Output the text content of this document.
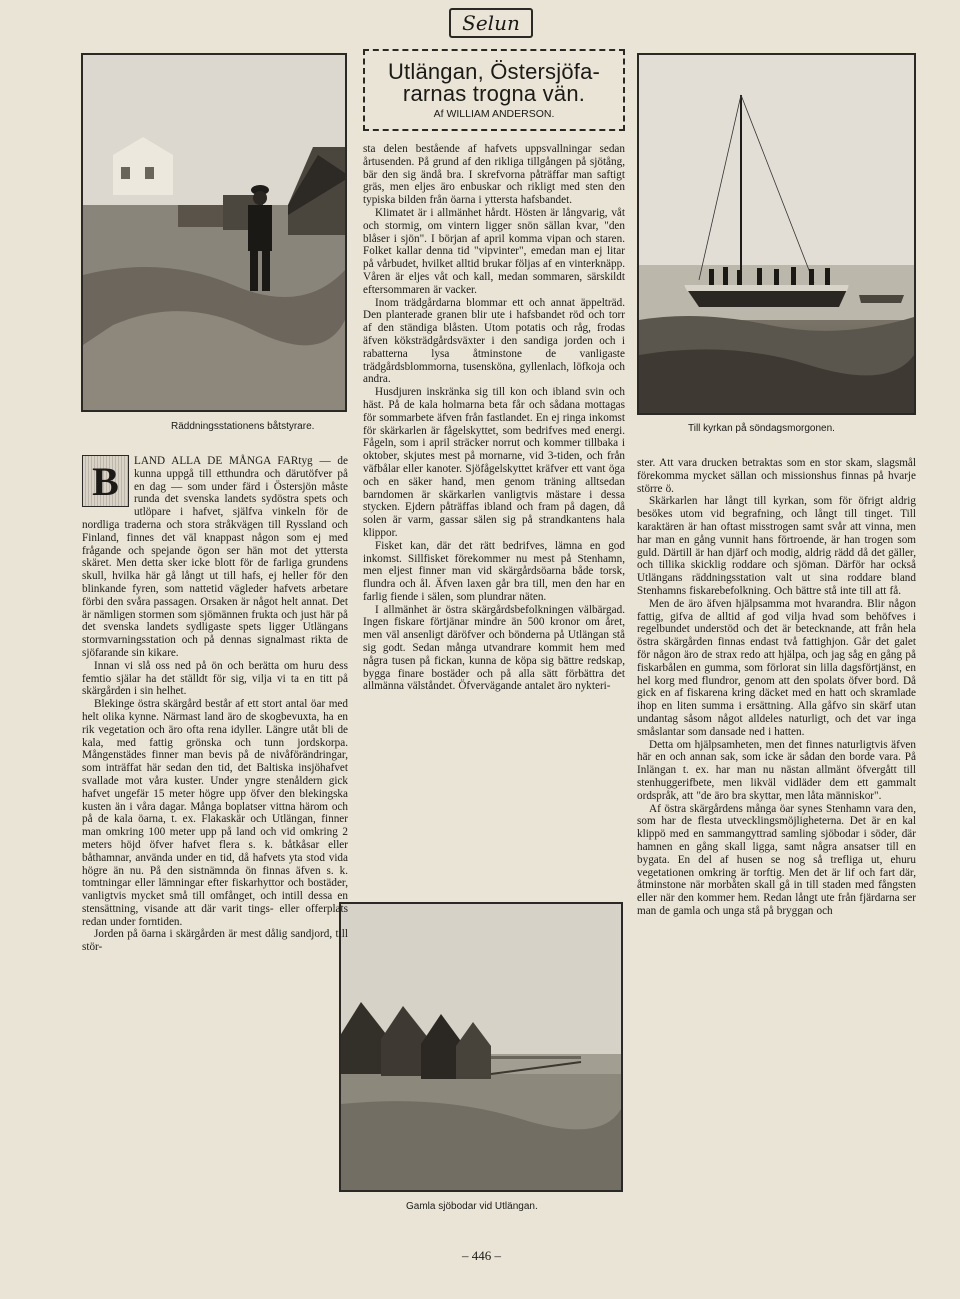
Selun
Utlängan, Östersjöfa-
rarnas trogna vän.
Af WILLIAM ANDERSON.
Räddningsstationens båtstyrare.	Till kyrkan på söndagsmorgonen.
Gamla sjöbodar vid Utlängan.
B	LAND ALLA DE MÅNGA FARtyg — de kunna uppgå till etthundra och därutöfver på en dag — som under färd i Östersjön måste runda det svenska landets sydöstra spets och utlöpare i hafvet, själfva vinkeln för de nordliga traderna och stora stråkvägen till Ryssland och Finland, finnes det väl knappast någon som ej med frågande och spejande ögon ser hän mot det yttersta skäret. Men detta sker icke blott för de farliga grundens skull, hvilka här gå långt ut till hafs, ej heller för den blinkande fyren, som nattetid vägleder hafvets arbetare förbi den svåra passagen. Orsaken är något helt annat. Det är nämligen stormen som sjömännen frukta och just här på det svenska landets sydligaste spets ligger Utlängans stormvarningsstation och på dennas signalmast rikta de sjöfarande sin kikare.

Innan vi slå oss ned på ön och berätta om huru dess femtio själar ha det ställdt för sig, vilja vi ta en titt på skärgården i sin helhet.

Blekinge östra skärgård består af ett stort antal öar med helt olika kynne. Närmast land äro de skogbevuxta, ha en rik vegetation och äro ofta rena idyller. Längre utåt bli de kala, med fattig grönska och tunn jordskorpa. Mångenstädes finner man bevis på de nivåförändringar, som inträffat här sedan den tid, det Baltiska insjöhafvet svallade mot våra kuster. Under yngre stenåldern gick hafvet ungefär 15 meter högre upp öfver den blekingska kusten än i våra dagar. Många boplatser vittna härom och på de kala öarna, t. ex. Flakaskär och Utlängan, finner man omkring 100 meter upp på land och vid omkring 2 meters höjd öfver hafvet flera s. k. båtkåsar eller båthamnar, använda under en tid, då hafvets yta stod vida högre än nu. På den sistnämnda ön finnas äfven s. k. tomtningar eller lämningar efter fiskarhyttor och bostäder, vanligtvis mycket små till omfånget, och intill dessa en stensättning, visande att där varit tings- eller offerplats redan under forntiden.

Jorden på öarna i skärgården är mest dålig sandjord, till stör-

sta delen bestående af hafvets uppsvallningar sedan årtusenden. På grund af den rikliga tillgången på sjötång, bär den sig ändå bra. I skrefvorna påträffar man saftigt gräs, men eljes äro enbuskar och rikligt med sten den typiska bilden från öarna i yttersta hafsbandet.

Klimatet är i allmänhet hårdt. Hösten är långvarig, våt och stormig, om vintern ligger snön sällan kvar, "den blåser i sjön". I början af april komma vipan och staren. Folket kallar denna tid "vipvinter", emedan man ej litar på vårbudet, hvilket alltid brukar följas af en vinterknäpp. Våren är eljes våt och kall, medan sommaren, särskildt eftersommaren är vacker.

Inom trädgårdarna blommar ett och annat äppelträd. Den planterade granen blir ute i hafsbandet röd och torr af den ständiga blåsten. Utom potatis och råg, frodas äfven köksträdgårdsväxter i den sandiga jorden och i rabatterna lysa åtminstone de vanligaste trädgårdsblommorna, tusensköna, gyllenlach, löfkoja och andra.

Husdjuren inskränka sig till kon och ibland svin och häst. På de kala holmarna beta får och sådana mottagas för sommarbete äfven från fastlandet. En ej ringa inkomst för skärkarlen är fågelskyttet, som bedrifves med energi. Fågeln, som i april sträcker norrut och kommer tillbaka i oktober, skjutes mest på mornarne, vid 3-tiden, och från väfbålar eller kanoter. Sjöfågelskyttet kräfver ett vant öga och en säker hand, men genom träning alltsedan barndomen är skärkarlen vanligtvis mästare i dessa stycken. Ejdern påträffas ibland och fram på dagen, då solen är varm, gassar sälen sig på strandkantens hala klippor.

Fisket kan, där det rätt bedrifves, lämna en god inkomst. Sillfisket förekommer nu mest på Stenhamn, men eljest finner man vid skärgårdsöarna både torsk, flundra och ål. Äfven laxen går bra till, men den har en farlig fiende i sälen, som plundrar näten.

I allmänhet är östra skärgårdsbefolkningen välbärgad. Ingen fiskare förtjänar mindre än 500 kronor om året, men väl ansenligt däröfver och bönderna på Utlängan stå sig godt. Sedan många utvandrare kommit hem med några tusen på fickan, kunna de köpa sig bättre redskap, bygga finare bostäder och på alla sätt förbättra det allmänna välståndet. Öfvervägande antalet äro nykteri-

ster. Att vara drucken betraktas som en stor skam, slagsmål förekomma mycket sällan och missionshus finnas på hvarje större ö.

Skärkarlen har långt till kyrkan, som för öfrigt aldrig besökes utom vid begrafning, och långt till tinget. Till karaktären är han oftast misstrogen samt svår att vinna, men har man en gång vunnit hans förtroende, är han trogen som guld. Därtill är han djärf och modig, aldrig rädd då det gäller, och tillika skicklig roddare och sjöman. Därför har också Utlängans räddningsstation valt ut sina roddare bland Stenhamns fiskarebefolkning. Och bättre stå inte till att få.

Men de äro äfven hjälpsamma mot hvarandra. Blir någon fattig, gifva de alltid af god vilja hvad som behöfves i regelbundet understöd och det är betecknande, att från hela östra skärgården finnas endast två fattighjon. Går det galet för någon äro de strax redo att hjälpa, och jag såg en gång på fiskarbålen en gumma, som förlorat sin lilla dagsförtjänst, en hel korg med flundror, genom att den spolats öfver bord. Då gick en af fiskarena kring däcket med en hatt och skramlade ihop en liten summa i ersättning. Alla gåfvo sin skärf utan undantag såsom något alldeles naturligt, och det var inga småslantar som dansade ned i hatten.

Detta om hjälpsamheten, men det finnes naturligtvis äfven här en och annan sak, som icke är sådan den borde vara. På Inlängan t. ex. har man nu nästan allmänt öfvergått till stenhuggerifbete, men likväl vidläder dem ett gammalt ordspråk, att "de äro bra skyttar, men låta människor".

Af östra skärgårdens många öar synes Stenhamn vara den, som har de flesta utvecklingsmöjligheterna. Det är en kal klippö med en sammangyttrad samling sjöbodar i söder, där hamnen en gång skall ligga, samt några ansatser till en bygata. En del af husen se nog så trefliga ut, ehuru vegetationen omkring är torftig. Men det är lif och fart där, åtminstone när morbåten skall gå in till staden med fångsten eller när den kommer hem. Redan långt ute från fjärdarna ser man de gamla och unga stå på bryggan och

– 446 –
